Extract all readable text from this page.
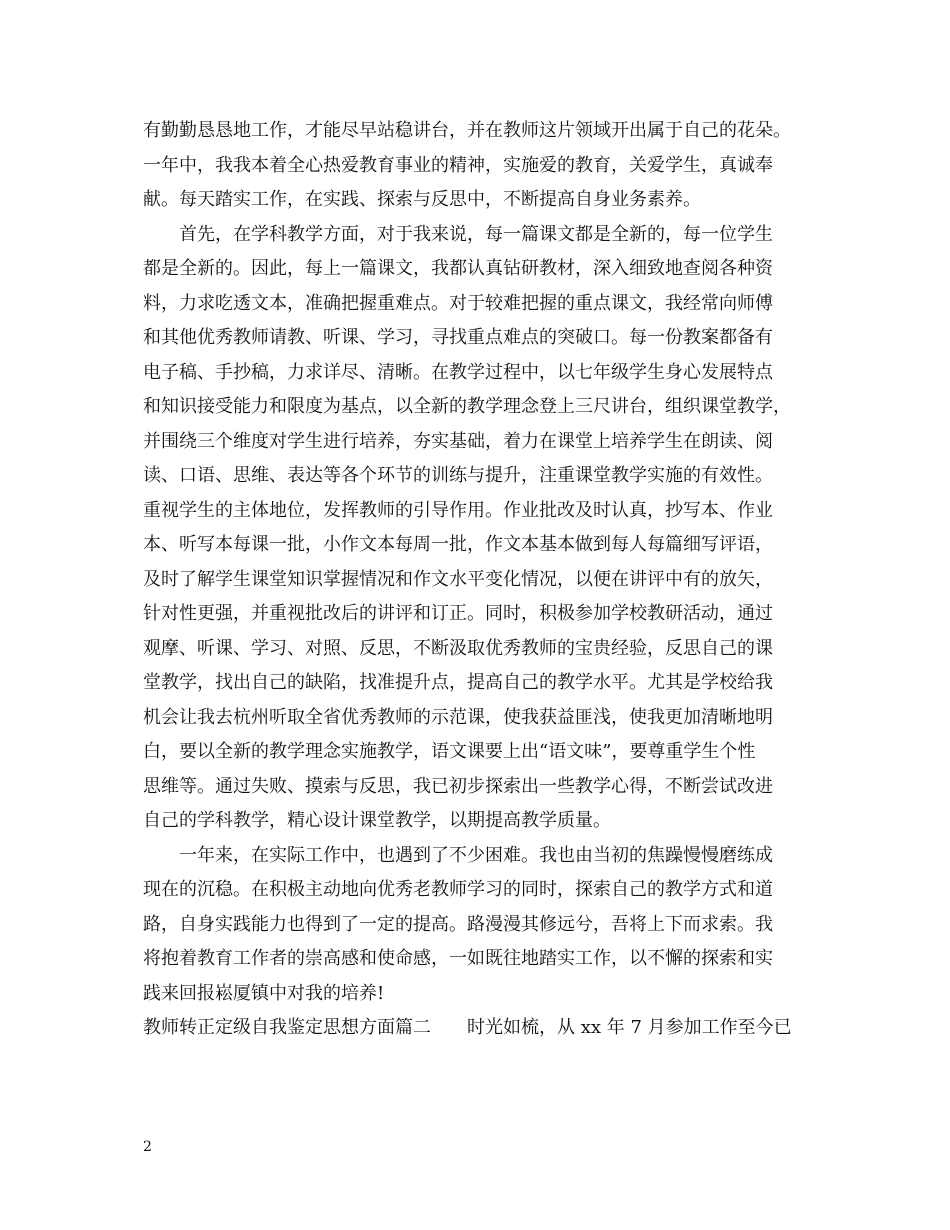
有勤勤恳恳地工作，才能尽早站稳讲台，并在教师这片领域开出属于自己的花朵。
一年中，我我本着全心热爱教育事业的精神，实施爱的教育，关爱学生，真诚奉
献。每天踏实工作，在实践、探索与反思中，不断提高自身业务素养。
首先，在学科教学方面，对于我来说，每一篇课文都是全新的，每一位学生
都是全新的。因此，每上一篇课文，我都认真钻研教材，深入细致地查阅各种资
料，力求吃透文本，准确把握重难点。对于较难把握的重点课文，我经常向师傅
和其他优秀教师请教、听课、学习，寻找重点难点的突破口。每一份教案都备有
电子稿、手抄稿，力求详尽、清晰。在教学过程中，以七年级学生身心发展特点
和知识接受能力和限度为基点，以全新的教学理念登上三尺讲台，组织课堂教学，
并围绕三个维度对学生进行培养，夯实基础，着力在课堂上培养学生在朗读、阅
读、口语、思维、表达等各个环节的训练与提升，注重课堂教学实施的有效性。
重视学生的主体地位，发挥教师的引导作用。作业批改及时认真，抄写本、作业
本、听写本每课一批，小作文本每周一批，作文本基本做到每人每篇细写评语，
及时了解学生课堂知识掌握情况和作文水平变化情况，以便在讲评中有的放矢，
针对性更强，并重视批改后的讲评和订正。同时，积极参加学校教研活动，通过
观摩、听课、学习、对照、反思，不断汲取优秀教师的宝贵经验，反思自己的课
堂教学，找出自己的缺陷，找准提升点，提高自己的教学水平。尤其是学校给我
机会让我去杭州听取全省优秀教师的示范课，使我获益匪浅，使我更加清晰地明
白，要以全新的教学理念实施教学，语文课要上出“语文味”，要尊重学生个性
思维等。通过失败、摸索与反思，我已初步探索出一些教学心得，不断尝试改进
自己的学科教学，精心设计课堂教学，以期提高教学质量。
一年来，在实际工作中，也遇到了不少困难。我也由当初的焦躁慢慢磨练成
现在的沉稳。在积极主动地向优秀老教师学习的同时，探索自己的教学方式和道
路，自身实践能力也得到了一定的提高。路漫漫其修远兮，吾将上下而求索。我
将抱着教育工作者的崇高感和使命感，一如既往地踏实工作，以不懈的探索和实
践来回报崧厦镇中对我的培养!
教师转正定级自我鉴定思想方面篇二　　时光如梳，从 xx 年 7 月参加工作至今已
2
